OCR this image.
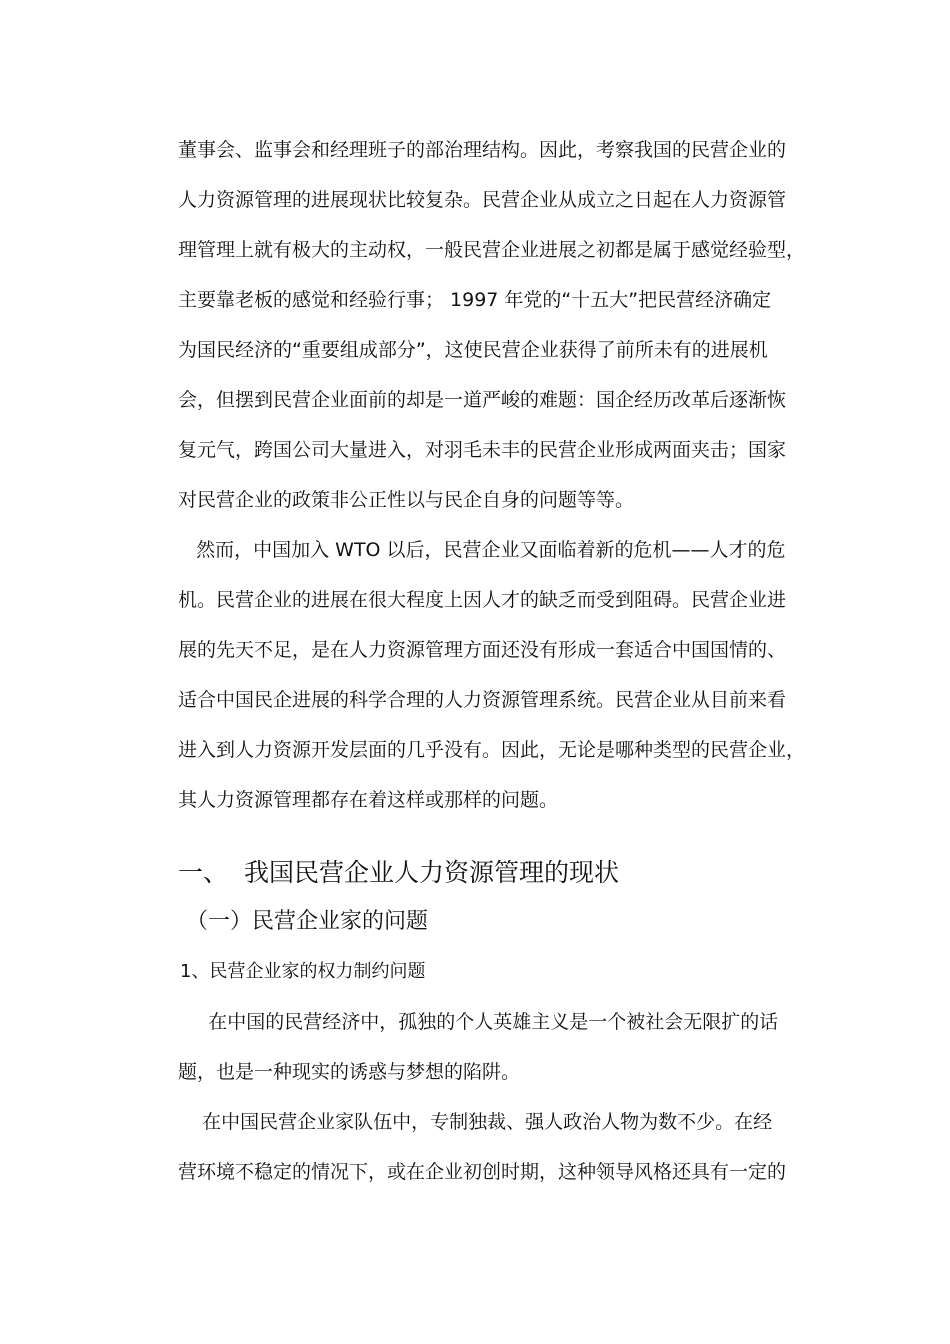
董事会、监事会和经理班子的部治理结构。因此，考察我国的民营企业的
人力资源管理的进展现状比较复杂。民营企业从成立之日起在人力资源管
理管理上就有极大的主动权，一般民营企业进展之初都是属于感觉经验型，
主要靠老板的感觉和经验行事； 1997 年党的“十五大”把民营经济确定
为国民经济的“重要组成部分”，这使民营企业获得了前所未有的进展机
会，但摆到民营企业面前的却是一道严峻的难题：国企经历改革后逐渐恢
复元气，跨国公司大量进入，对羽毛未丰的民营企业形成两面夹击；国家
对民营企业的政策非公正性以与民企自身的问题等等。
然而，中国加入 WTO 以后，民营企业又面临着新的危机——人才的危
机。民营企业的进展在很大程度上因人才的缺乏而受到阻碍。民营企业进
展的先天不足，是在人力资源管理方面还没有形成一套适合中国国情的、
适合中国民企进展的科学合理的人力资源管理系统。民营企业从目前来看
进入到人力资源开发层面的几乎没有。因此，无论是哪种类型的民营企业，
其人力资源管理都存在着这样或那样的问题。
一、 我国民营企业人力资源管理的现状
（一）民营企业家的问题
1、民营企业家的权力制约问题
在中国的民营经济中，孤独的个人英雄主义是一个被社会无限扩的话
题，也是一种现实的诱惑与梦想的陷阱。
在中国民营企业家队伍中，专制独裁、强人政治人物为数不少。在经
营环境不稳定的情况下，或在企业初创时期，这种领导风格还具有一定的
